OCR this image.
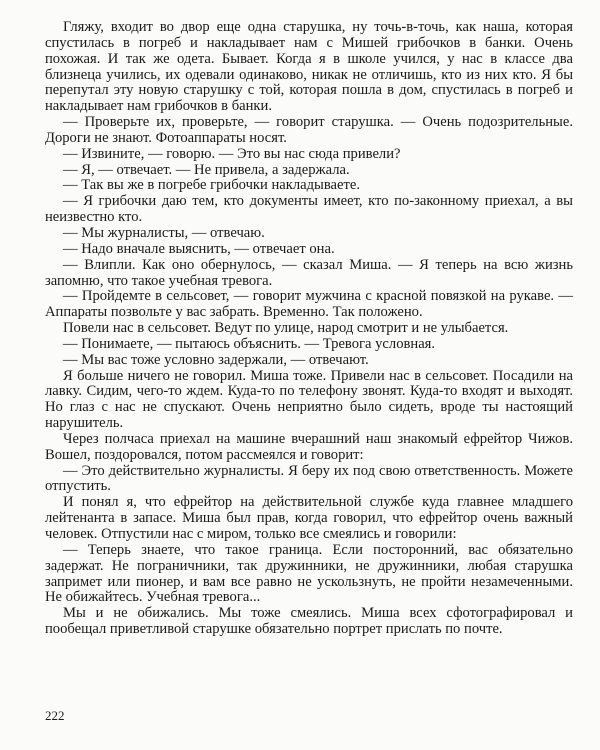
Гляжу, входит во двор еще одна старушка, ну точь-в-точь, как наша, которая спустилась в погреб и накладывает нам с Мишей грибочков в банки. Очень похожая. И так же одета. Бывает. Когда я в школе учился, у нас в классе два близнеца учились, их одевали одинаково, никак не отличишь, кто из них кто. Я бы перепутал эту новую старушку с той, которая пошла в дом, спустилась в погреб и накладывает нам грибочков в банки.

— Проверьте их, проверьте, — говорит старушка. — Очень подозрительные. Дороги не знают. Фотоаппараты носят.

— Извините, — говорю. — Это вы нас сюда привели?

— Я, — отвечает. — Не привела, а задержала.

— Так вы же в погребе грибочки накладываете.

— Я грибочки даю тем, кто документы имеет, кто по-законному приехал, а вы неизвестно кто.

— Мы журналисты, — отвечаю.

— Надо вначале выяснить, — отвечает она.

— Влипли. Как оно обернулось, — сказал Миша. — Я теперь на всю жизнь запомню, что такое учебная тревога.

— Пройдемте в сельсовет, — говорит мужчина с красной повязкой на рукаве. — Аппараты позвольте у вас забрать. Временно. Так положено.

Повели нас в сельсовет. Ведут по улице, народ смотрит и не улыбается.

— Понимаете, — пытаюсь объяснить. — Тревога условная.

— Мы вас тоже условно задержали, — отвечают.

Я больше ничего не говорил. Миша тоже. Привели нас в сельсовет. Посадили на лавку. Сидим, чего-то ждем. Куда-то по телефону звонят. Куда-то входят и выходят. Но глаз с нас не спускают. Очень неприятно было сидеть, вроде ты настоящий нарушитель.

Через полчаса приехал на машине вчерашний наш знакомый ефрейтор Чижов. Вошел, поздоровался, потом рассмеялся и говорит:

— Это действительно журналисты. Я беру их под свою ответственность. Можете отпустить.

И понял я, что ефрейтор на действительной службе куда главнее младшего лейтенанта в запасе. Миша был прав, когда говорил, что ефрейтор очень важный человек. Отпустили нас с миром, только все смеялись и говорили:

— Теперь знаете, что такое граница. Если посторонний, вас обязательно задержат. Не пограничники, так дружинники, не дружинники, любая старушка запримет или пионер, и вам все равно не ускользнуть, не пройти незамеченными. Не обижайтесь. Учебная тревога...

Мы и не обижались. Мы тоже смеялись. Миша всех сфотографировал и пообещал приветливой старушке обязательно портрет прислать по почте.

222
